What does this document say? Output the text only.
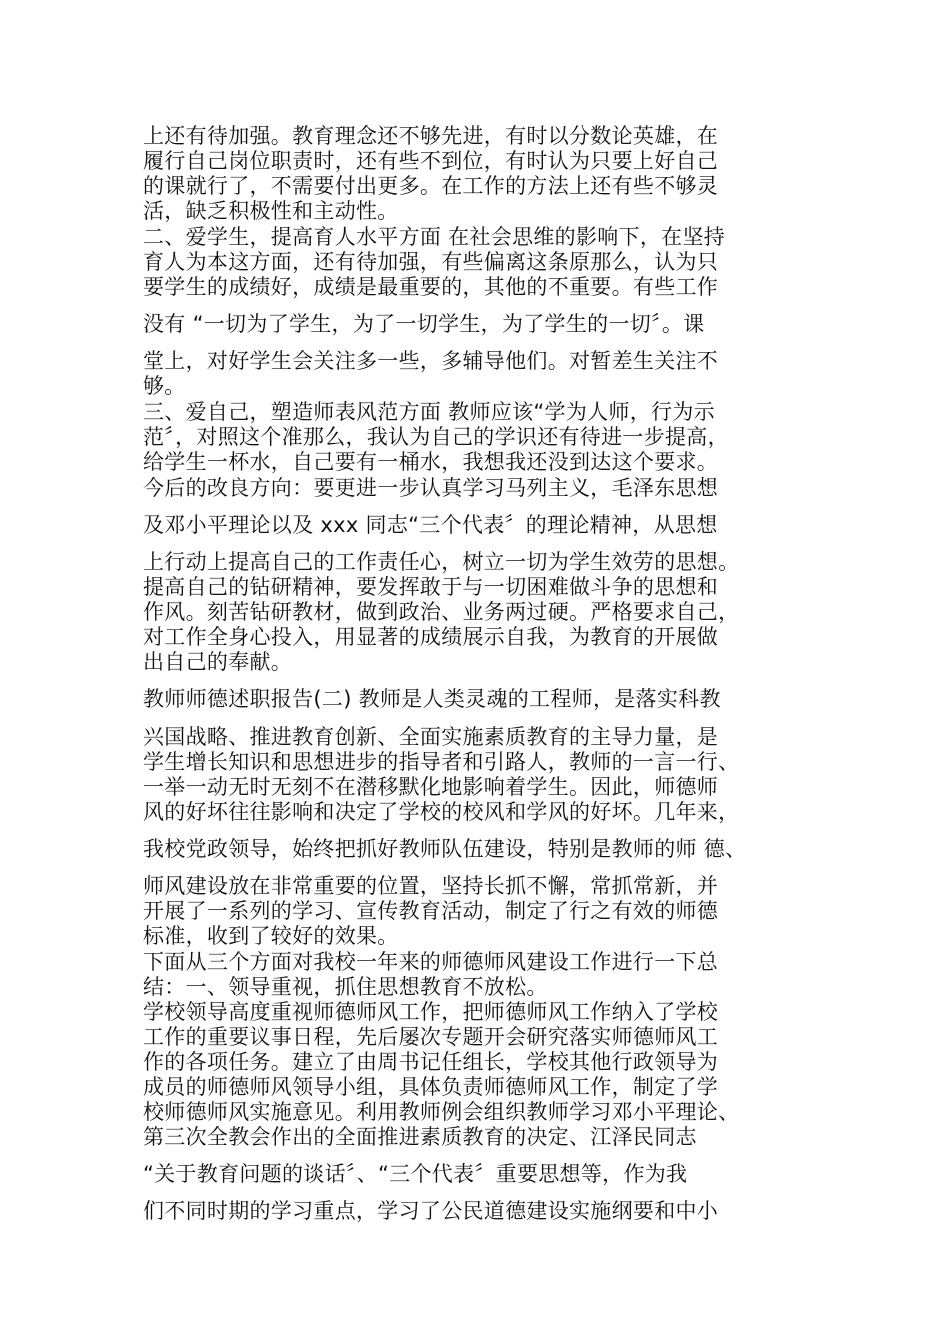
上还有待加强。教育理念还不够先进，有时以分数论英雄，在
履行自己岗位职责时，还有些不到位，有时认为只要上好自己
的课就行了，不需要付出更多。在工作的方法上还有些不够灵
活，缺乏积极性和主动性。
二、爱学生，提高育人水平方面 在社会思维的影响下，在坚持
育人为本这方面，还有待加强，有些偏离这条原那么，认为只
要学生的成绩好，成绩是最重要的，其他的不重要。有些工作
没有 “一切为了学生，为了一切学生，为了学生的一切〞。课
堂上，对好学生会关注多一些，多辅导他们。对暂差生关注不
够。
三、爱自己，塑造师表风范方面 教师应该“学为人师，行为示
范〞，对照这个准那么，我认为自己的学识还有待进一步提高，
给学生一杯水，自己要有一桶水，我想我还没到达这个要求。
今后的改良方向：要更进一步认真学习马列主义，毛泽东思想
及邓小平理论以及 xxx 同志“三个代表〞的理论精神，从思想
上行动上提高自己的工作责任心，树立一切为学生效劳的思想。
提高自己的钻研精神，要发挥敢于与一切困难做斗争的思想和
作风。刻苦钻研教材，做到政治、业务两过硬。严格要求自己，
对工作全身心投入，用显著的成绩展示自我，为教育的开展做
出自己的奉献。
教师师德述职报告(二) 教师是人类灵魂的工程师，是落实科教
兴国战略、推进教育创新、全面实施素质教育的主导力量，是
学生增长知识和思想进步的指导者和引路人，教师的一言一行、
一举一动无时无刻不在潜移默化地影响着学生。因此，师德师
风的好坏往往影响和决定了学校的校风和学风的好坏。几年来，
我校党政领导，始终把抓好教师队伍建设，特别是教师的师 德、
师风建设放在非常重要的位置，坚持长抓不懈，常抓常新，并
开展了一系列的学习、宣传教育活动，制定了行之有效的师德
标准，收到了较好的效果。
下面从三个方面对我校一年来的师德师风建设工作进行一下总
结：一、领导重视，抓住思想教育不放松。
学校领导高度重视师德师风工作，把师德师风工作纳入了学校
工作的重要议事日程，先后屡次专题开会研究落实师德师风工
作的各项任务。建立了由周书记任组长，学校其他行政领导为
成员的师德师风领导小组，具体负责师德师风工作，制定了学
校师德师风实施意见。利用教师例会组织教师学习邓小平理论、
第三次全教会作出的全面推进素质教育的决定、江泽民同志
“关于教育问题的谈话〞、“三个代表〞重要思想等，作为我
们不同时期的学习重点，学习了公民道德建设实施纲要和中小
